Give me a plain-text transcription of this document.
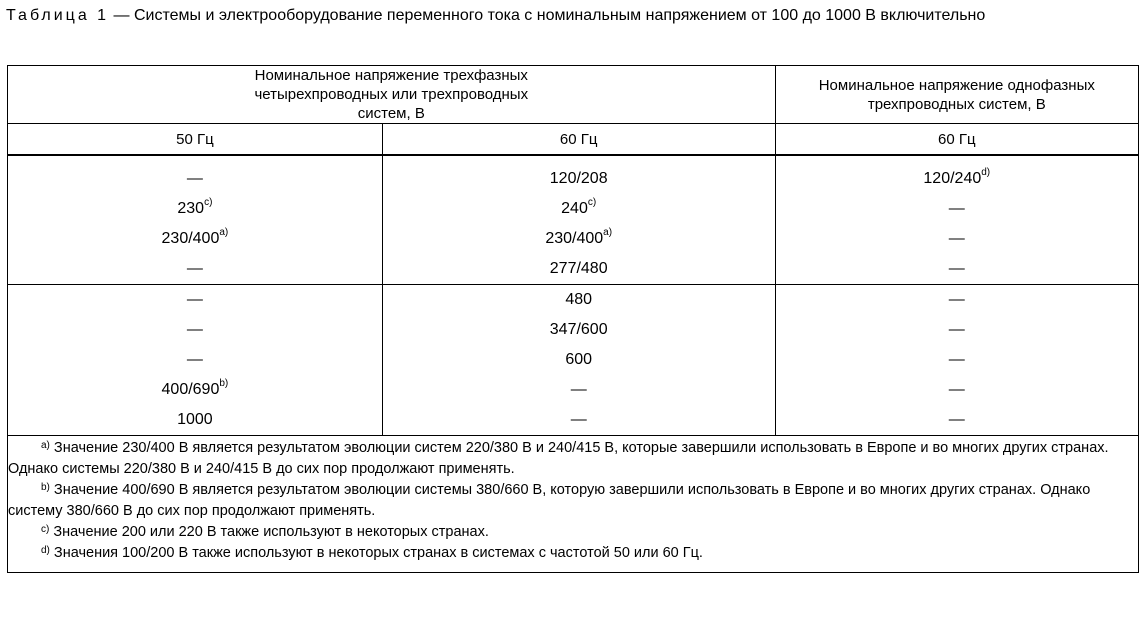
Таблица 1 — Системы и электрооборудование переменного тока с номинальным напряжением от 100 до 1000 В включительно
Номинальное напряжение трехфазных четырехпроводных или трехпроводных систем, В		Номинальное напряжение однофазных трехпроводных систем, В
50 Гц	60 Гц	60 Гц
—	120/208	120/240$^{d)}$
230$^{c)}$	240$^{c)}$	—
230/400$^{a)}$	230/400$^{a)}$	—
—	277/480	—
—	480	—
—	347/600	—
—	600	—
400/690$^{b)}$	—	—
1000	—	—

$^{a)}$ Значение 230/400 В является результатом эволюции систем 220/380 В и 240/415 В, которые завершили использовать в Европе и во многих других странах. Однако системы 220/380 В и 240/415 В до сих пор продолжают применять.
$^{b)}$ Значение 400/690 В является результатом эволюции системы 380/660 В, которую завершили использовать в Европе и во многих других странах. Однако систему 380/660 В до сих пор продолжают применять.
$^{c)}$ Значение 200 или 220 В также используют в некоторых странах.
$^{d)}$ Значения 100/200 В также используют в некоторых странах в системах с частотой 50 или 60 Гц.		
